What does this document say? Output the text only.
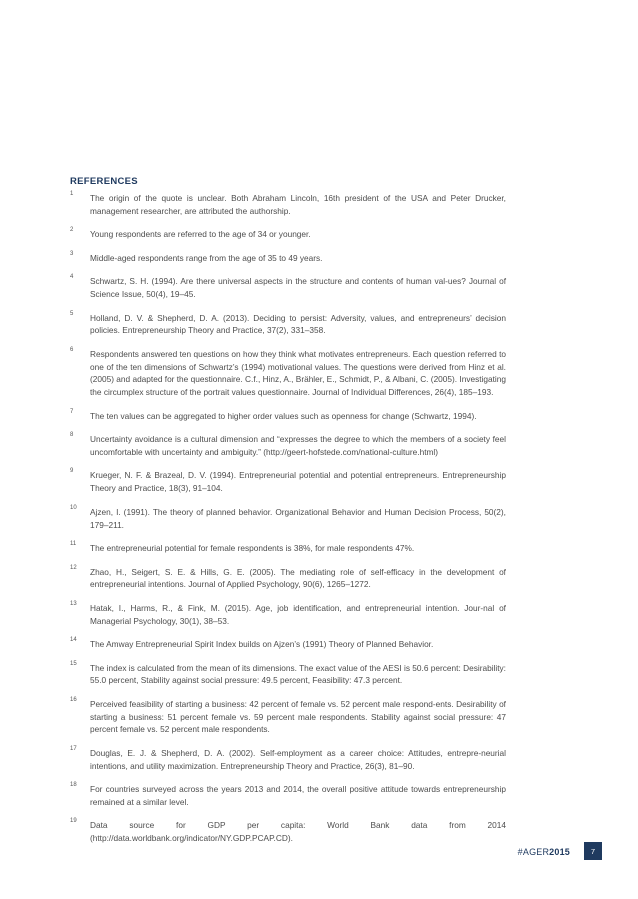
REFERENCES
1 The origin of the quote is unclear. Both Abraham Lincoln, 16th president of the USA and Peter Drucker, management researcher, are attributed the authorship.
2 Young respondents are referred to the age of 34 or younger.
3 Middle-aged respondents range from the age of 35 to 49 years.
4 Schwartz, S. H. (1994). Are there universal aspects in the structure and contents of human val-ues? Journal of Science Issue, 50(4), 19–45.
5 Holland, D. V. & Shepherd, D. A. (2013). Deciding to persist: Adversity, values, and entrepreneurs’ decision policies. Entrepreneurship Theory and Practice, 37(2), 331–358.
6 Respondents answered ten questions on how they think what motivates entrepreneurs. Each question referred to one of the ten dimensions of Schwartz’s (1994) motivational values. The questions were derived from Hinz et al. (2005) and adapted for the questionnaire. C.f., Hinz, A., Brähler, E., Schmidt, P., & Albani, C. (2005). Investigating the circumplex structure of the portrait values questionnaire. Journal of Individual Differences, 26(4), 185–193.
7 The ten values can be aggregated to higher order values such as openness for change (Schwartz, 1994).
8 Uncertainty avoidance is a cultural dimension and “expresses the degree to which the members of a society feel uncomfortable with uncertainty and ambiguity.” (http://geert-hofstede.com/national-culture.html)
9 Krueger, N. F. & Brazeal, D. V. (1994). Entrepreneurial potential and potential entrepreneurs. Entrepreneurship Theory and Practice, 18(3), 91–104.
10 Ajzen, I. (1991). The theory of planned behavior. Organizational Behavior and Human Decision Process, 50(2), 179–211.
11 The entrepreneurial potential for female respondents is 38%, for male respondents 47%.
12 Zhao, H., Seigert, S. E. & Hills, G. E. (2005). The mediating role of self-efficacy in the development of entrepreneurial intentions. Journal of Applied Psychology, 90(6), 1265–1272.
13 Hatak, I., Harms, R., & Fink, M. (2015). Age, job identification, and entrepreneurial intention. Jour-nal of Managerial Psychology, 30(1), 38–53.
14 The Amway Entrepreneurial Spirit Index builds on Ajzen’s (1991) Theory of Planned Behavior.
15 The index is calculated from the mean of its dimensions. The exact value of the AESI is 50.6 percent: Desirability: 55.0 percent, Stability against social pressure: 49.5 percent, Feasibility: 47.3 percent.
16 Perceived feasibility of starting a business: 42 percent of female vs. 52 percent male respond-ents. Desirability of starting a business: 51 percent female vs. 59 percent male respondents. Stability against social pressure: 47 percent female vs. 52 percent male respondents.
17 Douglas, E. J. & Shepherd, D. A. (2002). Self-employment as a career choice: Attitudes, entrepre-neurial intentions, and utility maximization. Entrepreneurship Theory and Practice, 26(3), 81–90.
18 For countries surveyed across the years 2013 and 2014, the overall positive attitude towards entrepreneurship remained at a similar level.
19 Data source for GDP per capita: World Bank data from 2014 (http://data.worldbank.org/indicator/NY.GDP.PCAP.CD).
#AGER2015	7
